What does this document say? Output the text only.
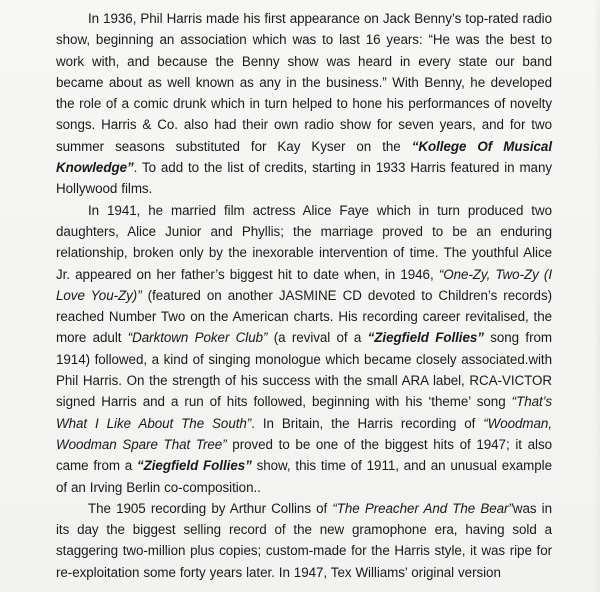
In 1936, Phil Harris made his first appearance on Jack Benny’s top-rated radio show, beginning an association which was to last 16 years: “He was the best to work with, and because the Benny show was heard in every state our band became about as well known as any in the business.” With Benny, he developed the role of a comic drunk which in turn helped to hone his performances of novelty songs. Harris & Co. also had their own radio show for seven years, and for two summer seasons substituted for Kay Kyser on the “Kollege Of Musical Knowledge”. To add to the list of credits, starting in 1933 Harris featured in many Hollywood films.

In 1941, he married film actress Alice Faye which in turn produced two daughters, Alice Junior and Phyllis; the marriage proved to be an enduring relationship, broken only by the inexorable intervention of time. The youthful Alice Jr. appeared on her father’s biggest hit to date when, in 1946, “One-Zy, Two-Zy (I Love You-Zy)” (featured on another JASMINE CD devoted to Children’s records) reached Number Two on the American charts. His recording career revitalised, the more adult “Darktown Poker Club” (a revival of a “Ziegfield Follies” song from 1914) followed, a kind of singing monologue which became closely associated.with Phil Harris. On the strength of his success with the small ARA label, RCA-VICTOR signed Harris and a run of hits followed, beginning with his ‘theme’ song “That’s What I Like About The South”. In Britain, the Harris recording of “Woodman, Woodman Spare That Tree” proved to be one of the biggest hits of 1947; it also came from a “Ziegfield Follies” show, this time of 1911, and an unusual example of an Irving Berlin co-composition..

The 1905 recording by Arthur Collins of “The Preacher And The Bear”was in its day the biggest selling record of the new gramophone era, having sold a staggering two-million plus copies; custom-made for the Harris style, it was ripe for re-exploitation some forty years later. In 1947, Tex Williams’ original version
